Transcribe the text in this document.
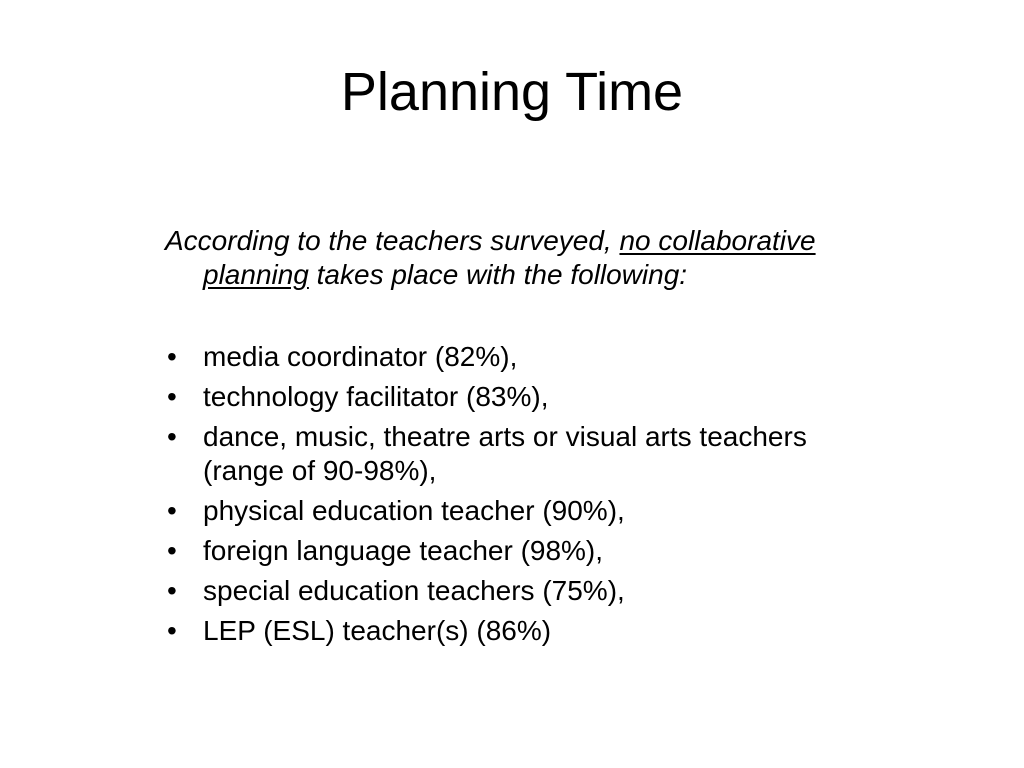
Planning Time

According to the teachers surveyed, no collaborative planning takes place with the following:

• media coordinator (82%),
• technology facilitator (83%),
• dance, music, theatre arts or visual arts teachers (range of 90-98%),
• physical education teacher (90%),
• foreign language teacher (98%),
• special education teachers (75%),
• LEP (ESL) teacher(s) (86%)
